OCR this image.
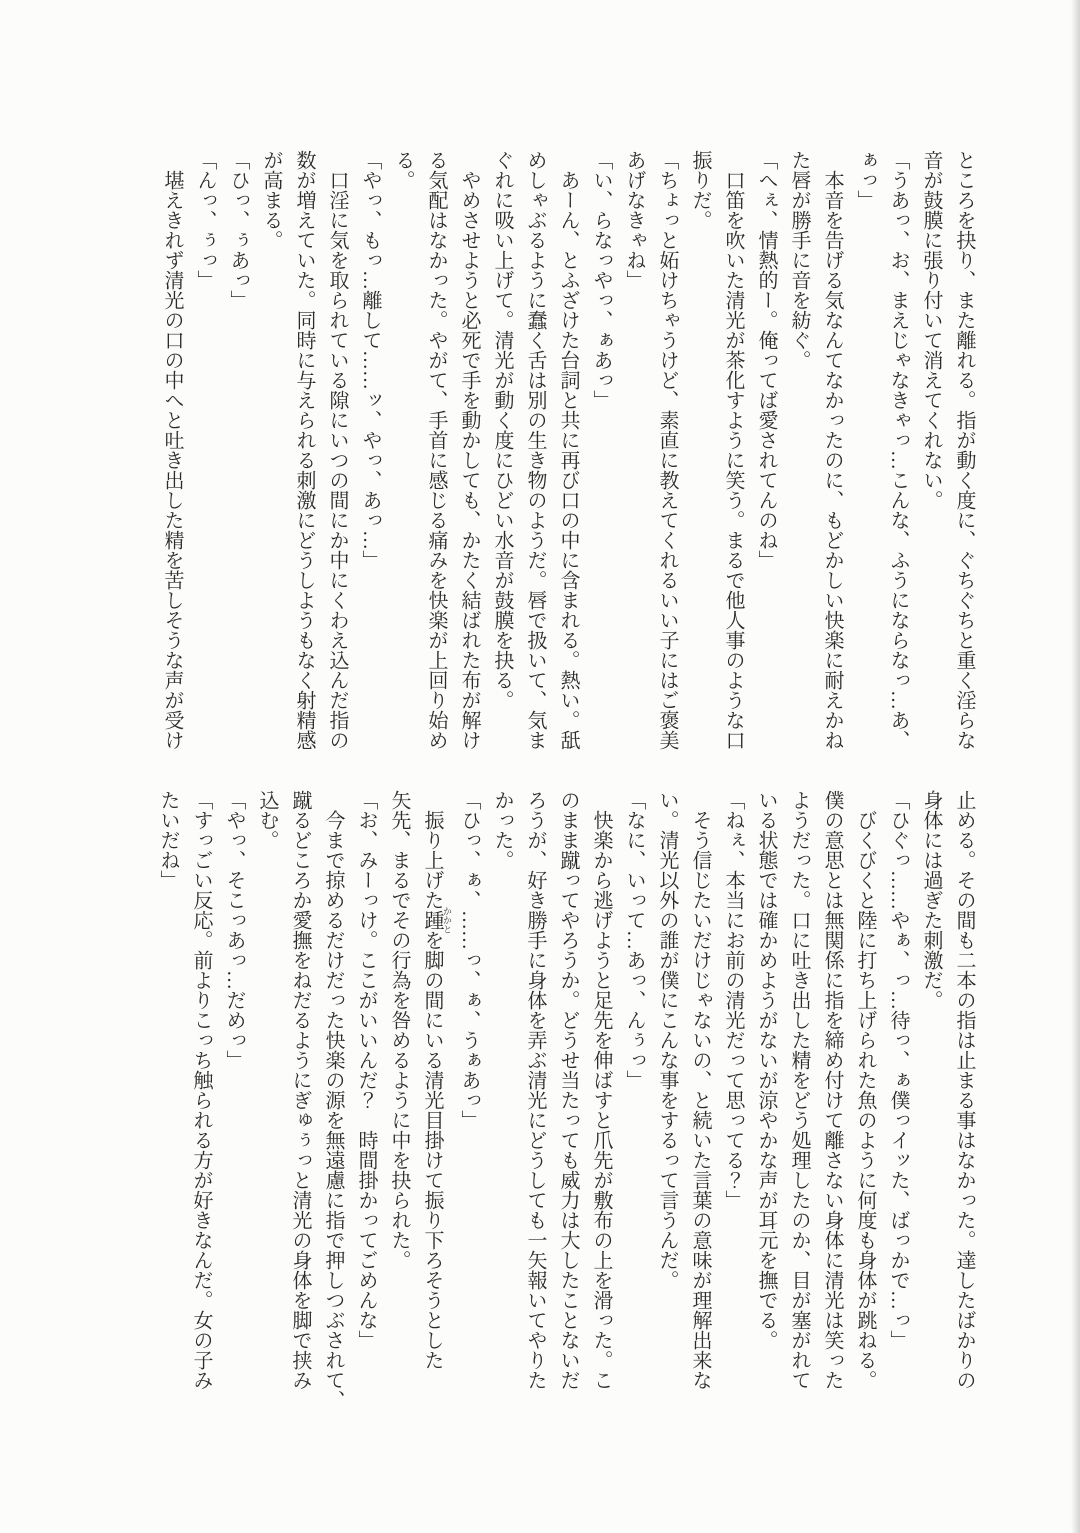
ところを抉り、また離れる。指が動く度に、ぐちぐちと重く淫らな
音が鼓膜に張り付いて消えてくれない。
「うあっ、お、まえじゃなきゃっ…こんな、ふうにならなっ…あ、
ぁっ」
本音を告げる気なんてなかったのに、もどかしい快楽に耐えかね
た唇が勝手に音を紡ぐ。
「へぇ、情熱的ー。俺ってば愛されてんのね」
口笛を吹いた清光が茶化すように笑う。まるで他人事のような口
振りだ。
「ちょっと妬けちゃうけど、素直に教えてくれるいい子にはご褒美
あげなきゃね」
「い、らなっやっ、ぁあっ」
あーん、とふざけた台詞と共に再び口の中に含まれる。熱い。舐
めしゃぶるように蠢く舌は別の生き物のようだ。唇で扱いて、気ま
ぐれに吸い上げて。清光が動く度にひどい水音が鼓膜を抉る。
やめさせようと必死で手を動かしても、かたく結ばれた布が解け
る気配はなかった。やがて、手首に感じる痛みを快楽が上回り始め
る。
「やっ、もっ…離して……ッ、やっ、あっ…」
口淫に気を取られている隙にいつの間にか中にくわえ込んだ指の
数が増えていた。同時に与えられる刺激にどうしようもなく射精感
が高まる。
「ひっ、ぅあっ」
「んっ、ぅっ」
堪えきれず清光の口の中へと吐き出した精を苦しそうな声が受け
止める。その間も二本の指は止まる事はなかった。達したばかりの
身体には過ぎた刺激だ。
「ひぐっ……やぁ、っ…待っ、ぁ僕っイッた、ばっかで…っ」
びくびくと陸に打ち上げられた魚のように何度も身体が跳ねる。
僕の意思とは無関係に指を締め付けて離さない身体に清光は笑った
ようだった。口に吐き出した精をどう処理したのか、目が塞がれて
いる状態では確かめようがないが涼やかな声が耳元を撫でる。
「ねぇ、本当にお前の清光だって思ってる？」
そう信じたいだけじゃないの、と続いた言葉の意味が理解出来な
い。清光以外の誰が僕にこんな事をするって言うんだ。
「なに、いって…あっ、んぅっ」
快楽から逃げようと足先を伸ばすと爪先が敷布の上を滑った。こ
のまま蹴ってやろうか。どうせ当たっても威力は大したことないだ
ろうが、好き勝手に身体を弄ぶ清光にどうしても一矢報いてやりた
かった。
「ひっ、ぁ、……っ、ぁ、うぁあっ」
振り上げた踵 かかとを脚の間にいる清光目掛けて振り下ろそうとした
矢先、まるでその行為を咎めるように中を抉られた。
「お、みーっけ。ここがいいんだ？　時間掛かってごめんな」
今まで掠めるだけだった快楽の源を無遠慮に指で押しつぶされて、
蹴るどころか愛撫をねだるようにぎゅぅっと清光の身体を脚で挟み
込む。
「やっ、そこっあっ…だめっ」
「すっごい反応。前よりこっち触られる方が好きなんだ。女の子み
たいだね」
